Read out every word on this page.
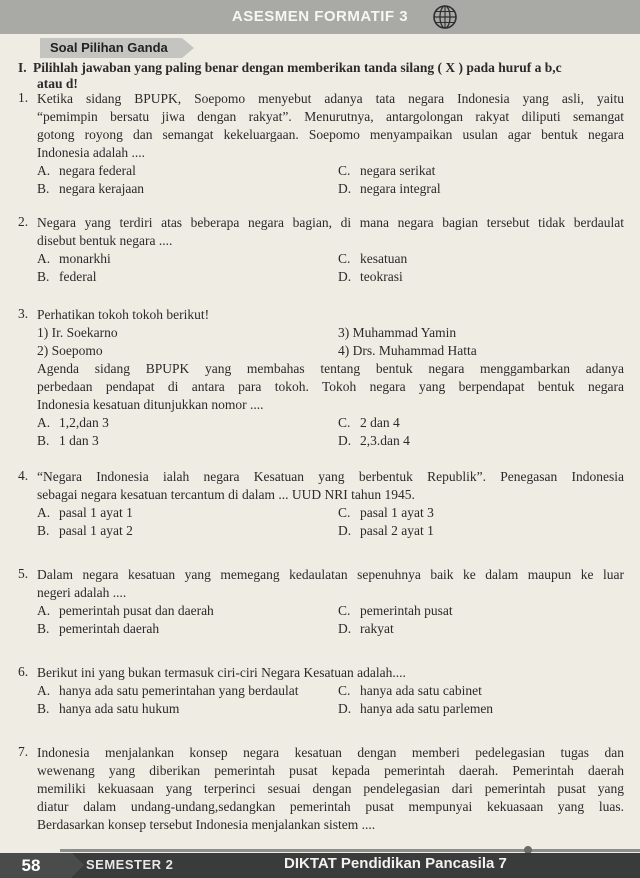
ASESMEN FORMATIF 3
Soal Pilihan Ganda
I. Pilihlah jawaban yang paling benar dengan memberikan tanda silang ( X ) pada huruf a b,c
atau d!
1. Ketika sidang BPUPK, Soepomo menyebut adanya tata negara Indonesia yang asli, yaitu
“pemimpin bersatu jiwa dengan rakyat”. Menurutnya, antargolongan rakyat diliputi semangat
gotong royong dan semangat kekeluargaan. Soepomo menyampaikan usulan agar bentuk negara
Indonesia adalah ....
A. negara federal
B. negara kerajaan
C. negara serikat
D. negara integral
2. Negara yang terdiri atas beberapa negara bagian, di mana negara bagian tersebut tidak berdaulat
disebut bentuk negara ....
A. monarkhi
B. federal
C. kesatuan
D. teokrasi
3. Perhatikan tokoh tokoh berikut!
1) Ir. Soekarno
2) Soepomo
3) Muhammad Yamin
4) Drs. Muhammad Hatta
Agenda sidang BPUPK yang membahas tentang bentuk negara menggambarkan adanya
perbedaan pendapat di antara para tokoh. Tokoh negara yang berpendapat bentuk negara
Indonesia kesatuan ditunjukkan nomor ....
A. 1,2,dan 3
B. 1 dan 3
C. 2 dan 4
D. 2,3.dan 4
4. “Negara Indonesia ialah negara Kesatuan yang berbentuk Republik”. Penegasan Indonesia
sebagai negara kesatuan tercantum di dalam ... UUD NRI tahun 1945.
A. pasal 1 ayat 1
B. pasal 1 ayat 2
C. pasal 1 ayat 3
D. pasal 2 ayat 1
5. Dalam negara kesatuan yang memegang kedaulatan sepenuhnya baik ke dalam maupun ke luar
negeri adalah ....
A. pemerintah pusat dan daerah
B. pemerintah daerah
C. pemerintah pusat
D. rakyat
6. Berikut ini yang bukan termasuk ciri-ciri Negara Kesatuan adalah....
A. hanya ada satu pemerintahan yang berdaulat
B. hanya ada satu hukum
C. hanya ada satu cabinet
D. hanya ada satu parlemen
7. Indonesia menjalankan konsep negara kesatuan dengan memberi pedelegasian tugas dan
wewenang yang diberikan pemerintah pusat kepada pemerintah daerah. Pemerintah daerah
memiliki kekuasaan yang terperinci sesuai dengan pendelegasian dari pemerintah pusat yang
diatur dalam undang-undang,sedangkan pemerintah pusat mempunyai kekuasaan yang luas.
Berdasarkan konsep tersebut Indonesia menjalankan sistem ....
58	SEMESTER 2	DIKTAT Pendidikan Pancasila 7
